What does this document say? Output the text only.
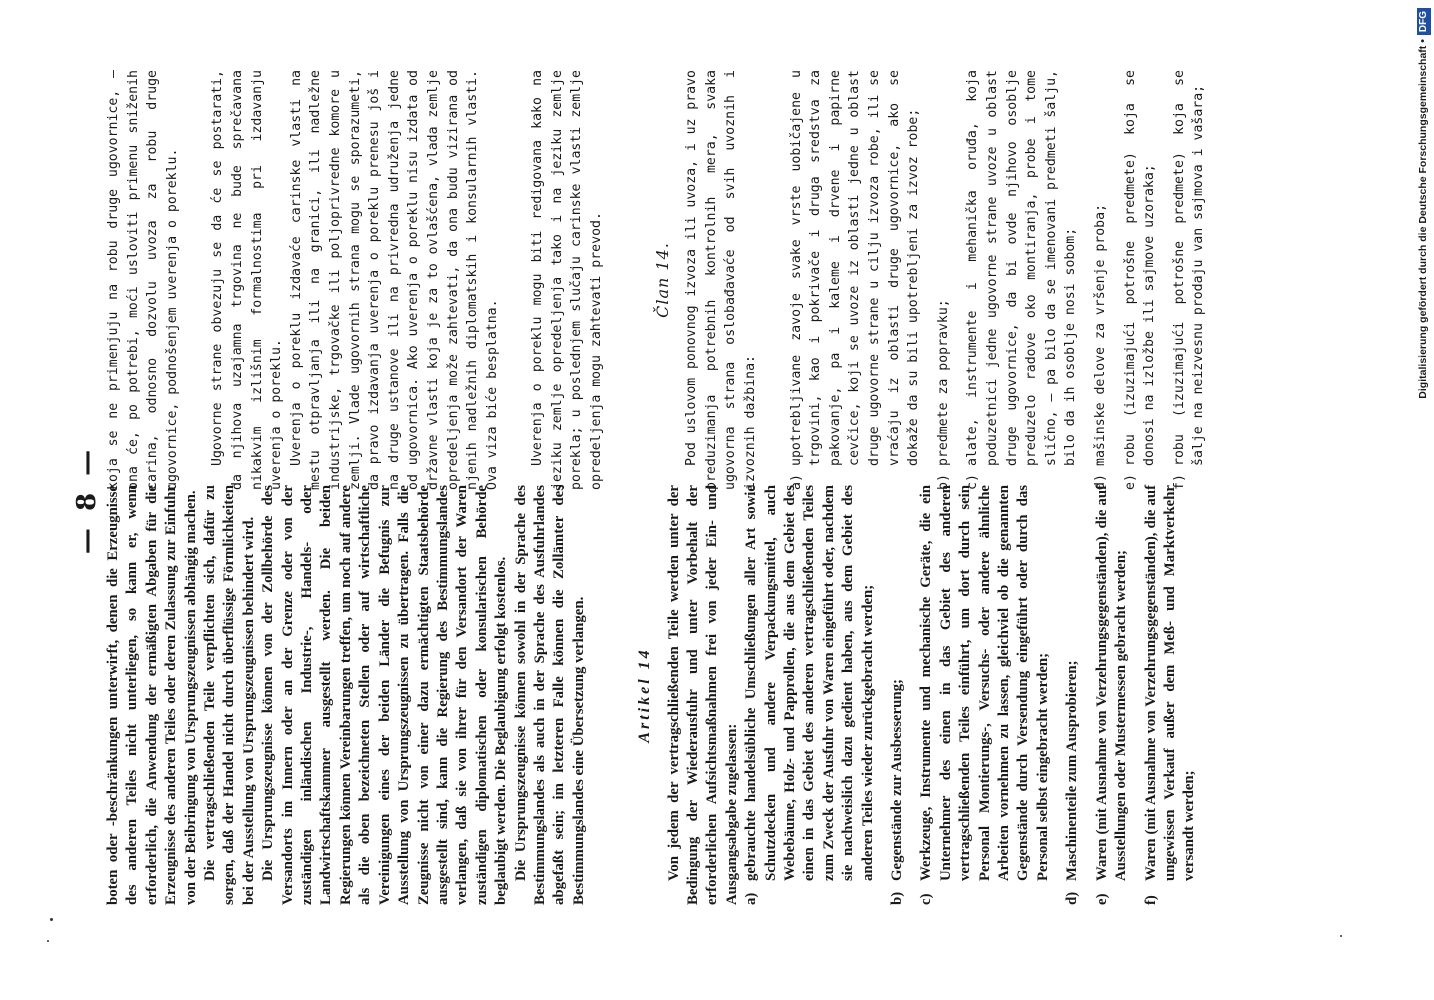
— 8 — boten oder -beschränkungen unterwirft, denen die Erzeugnisse des anderen Teiles nicht unterliegen, so kann er, wenn erforderlich, die Anwendung der ermäßigten Abgaben für die Erzeugnisse des anderen Teiles oder deren Zulassung zur Einfuhr von der Beibringung von Ursprungszeugnissen abhängig machen. Die vertragschließenden Teile verpflichten sich, dafür zu sorgen, daß der Handel nicht durch überflüssige Förmlichkeiten bei der Ausstellung von Ursprungszeugnissen behindert wird. Die Ursprungszeugnisse können von der Zollbehörde des Versandorts im Innern oder an der Grenze oder von der zuständigen inländischen Industrie-, Handels- oder Landwirtschaftskammer ausgestellt werden. Die beiden Regierungen können Vereinbarungen treffen, um noch auf andere als die oben bezeichneten Stellen oder auf wirtschaftliche Vereinigungen eines der beiden Länder die Befugnis zur Ausstellung von Ursprungszeugnissen zu übertragen. Falls die Zeugnisse nicht von einer dazu ermächtigten Staatsbehörde ausgestellt sind, kann die Regierung des Bestimmungslandes verlangen, daß sie von ihrer für den Versandort der Waren zuständigen diplomatischen oder konsularischen Behörde beglaubigt werden. Die Beglaubigung erfolgt kostenlos. Die Ursprungszeugnisse können sowohl in der Sprache des Bestimmungslandes als auch in der Sprache des Ausfuhrlandes abgefaßt sein; im letzteren Falle können die Zollämter des Bestimmungslandes eine Übersetzung verlangen.	Artikel 14 Von jedem der vertragschließenden Teile werden unter der Bedingung der Wiederausfuhr und unter Vorbehalt der erforderlichen Aufsichtsmaßnahmen frei von jeder Ein- und Ausgangsabgabe zugelassen: a)
gebrauchte handelsübliche Umschließungen aller Art sowie Schutzdecken und andere Verpackungsmittel, auch Webebäume, Holz- und Papprollen, die aus dem Gebiet des einen in das Gebiet des anderen vertragschließenden Teiles zum Zweck der Ausfuhr von Waren eingeführt oder, nachdem sie nachweislich dazu gedient haben, aus dem Gebiet des anderen Teiles wieder zurückgebracht werden;
b)
Gegenstände zur Ausbesserung;
c)
Werkzeuge, Instrumente und mechanische Geräte, die ein Unternehmer des einen in das Gebiet des anderen vertragschließenden Teiles einführt, um dort durch sein Personal Montierungs-, Versuchs- oder andere ähnliche Arbeiten vornehmen zu lassen, gleichviel ob die genannten Gegenstände durch Versendung eingeführt oder durch das Personal selbst eingebracht werden;
d)
Maschinenteile zum Ausprobieren;
e)
Waren (mit Ausnahme von Verzehrungsgegenständen), die auf Ausstellungen oder Mustermessen gebracht werden;
f)
Waren (mit Ausnahme von Verzehrungsgegenständen), die auf ungewissen Verkauf außer dem Meß- und Marktverkehr versandt werden;

koja se ne primenjuju na robu druge ugovornice, — ona će, po potrebi, moći usloviti primenu sniženih carina, odnosno dozvolu uvoza za robu druge ugovornice, podnošenjem uverenja o poreklu. Ugovorne strane obvezuju se da će se postarati, da njihova uzajamna trgovina ne bude sprečavana nikakvim izlišnim formalnostima pri izdavanju uverenja o poreklu. Uverenja o poreklu izdavaće carinske vlasti na mestu otpravljanja ili na granici, ili nadležne industrijske, trgovačke ili poljoprivredne komore u zemlji. Vlade ugovornih strana mogu se sporazumeti, da pravo izdavanja uverenja o poreklu prenesu još i na druge ustanove ili na privredna udruženja jedne od ugovornica. Ako uverenja o poreklu nisu izdata od državne vlasti koja je za to ovlašćena, vlada zemlje opredeljenja može zahtevati, da ona budu vizirana od njenih nadležnih diplomatskih i konsularnih vlasti. Ova viza biće besplatna. Uverenja o poreklu mogu biti redigovana kako na jeziku zemlje opredeljenja tako i na jeziku zemlje porekla; u poslednjem slučaju carinske vlasti zemlje opredeljenja mogu zahtevati prevod.	Član 14. Pod uslovom ponovnog izvoza ili uvoza, i uz pravo preduzimanja potrebnih kontrolnih mera, svaka ugovorna strana oslobađavaće od svih uvoznih i izvoznih dažbina: a)
upotrebljivane zavoje svake vrste uobičajene u trgovini, kao i pokrivače i druga sredstva za pakovanje, pa i kaleme i drvene i papirne cevčice, koji se uvoze iz oblasti jedne u oblast druge ugovorne strane u cilju izvoza robe, ili se vraćaju iz oblasti druge ugovornice, ako se dokaže da su bili upotrebljeni za izvoz robe;
b)
predmete za popravku;
c)
alate, instrumente i mehanička oruđa, koja poduzetnici jedne ugovorne strane uvoze u oblast druge ugovornice, da bi ovde njihovo osoblje preduzelo radove oko montiranja, probe i tome slično, — pa bilo da se imenovani predmeti šalju, bilo da ih osoblje nosi sobom;
d)
mašinske delove za vršenje proba;
e)
robu (izuzimajući potrošne predmete) koja se donosi na izložbe ili sajmove uzoraka;
f)
robu (izuzimajući potrošne predmete) koja se šalje na neizvesnu prodaju van sajmova i vašara;	Digitalisierung gefördert durch die Deutsche Forschungsgemeinschaft •DFG
